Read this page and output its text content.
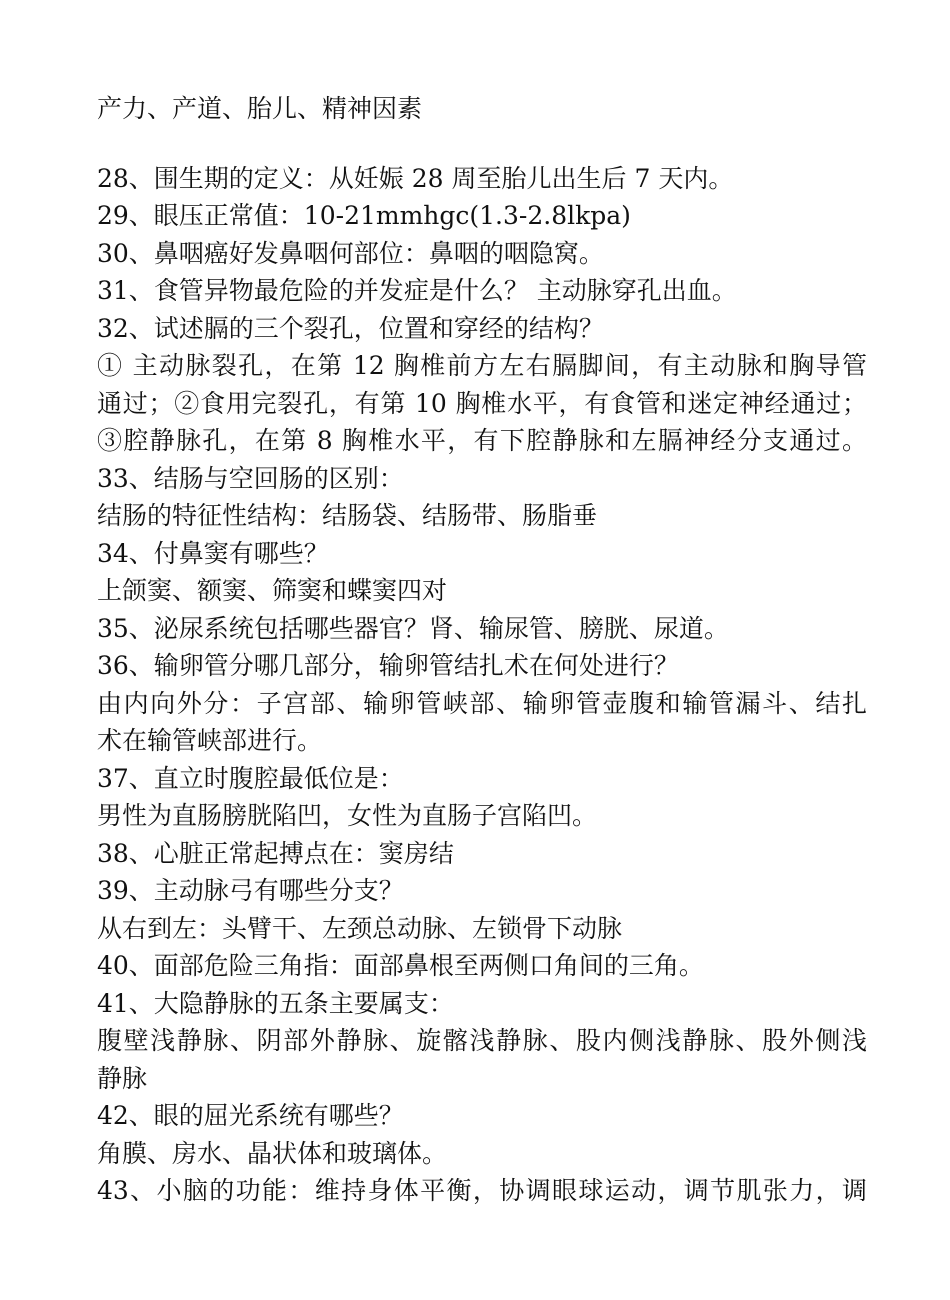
产力、产道、胎儿、精神因素
28、围生期的定义：从妊娠 28 周至胎儿出生后 7 天内。
29、眼压正常值：10-21mmhgc(1.3-2.8lkpa)
30、鼻咽癌好发鼻咽何部位：鼻咽的咽隐窝。
31、食管异物最危险的并发症是什么？ 主动脉穿孔出血。
32、试述膈的三个裂孔，位置和穿经的结构？
① 主动脉裂孔，在第 12 胸椎前方左右膈脚间，有主动脉和胸导管
通过；②食用完裂孔，有第 10 胸椎水平，有食管和迷定神经通过；
③腔静脉孔，在第 8 胸椎水平，有下腔静脉和左膈神经分支通过。
33、结肠与空回肠的区别：
结肠的特征性结构：结肠袋、结肠带、肠脂垂
34、付鼻窦有哪些？
上颌窦、额窦、筛窦和蝶窦四对
35、泌尿系统包括哪些器官？肾、输尿管、膀胱、尿道。
36、输卵管分哪几部分，输卵管结扎术在何处进行？
由内向外分：子宫部、输卵管峡部、输卵管壶腹和输管漏斗、结扎
术在输管峡部进行。
37、直立时腹腔最低位是：
男性为直肠膀胱陷凹，女性为直肠子宫陷凹。
38、心脏正常起搏点在：窦房结
39、主动脉弓有哪些分支？
从右到左：头臂干、左颈总动脉、左锁骨下动脉
40、面部危险三角指：面部鼻根至两侧口角间的三角。
41、大隐静脉的五条主要属支：
腹壁浅静脉、阴部外静脉、旋髂浅静脉、股内侧浅静脉、股外侧浅
静脉
42、眼的屈光系统有哪些？
角膜、房水、晶状体和玻璃体。
43、小脑的功能：维持身体平衡，协调眼球运动，调节肌张力，调
